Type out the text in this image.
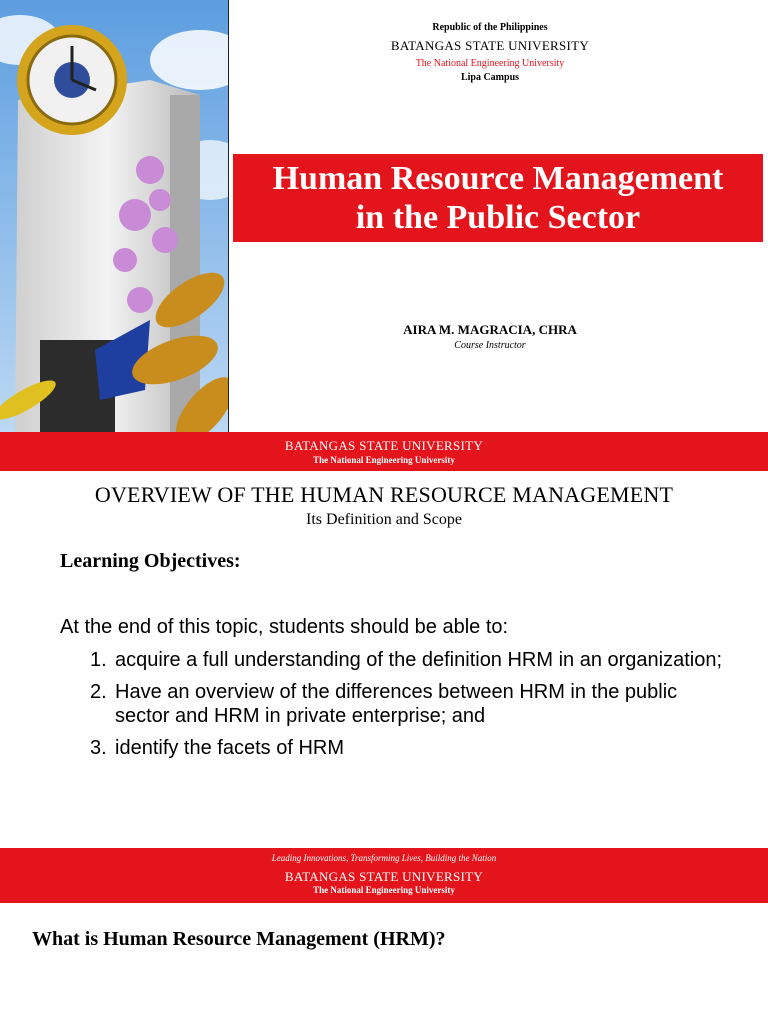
Republic of the Philippines
BATANGAS STATE UNIVERSITY
The National Engineering University
Lipa Campus
Human Resource Management
in the Public Sector
AIRA M. MAGRACIA, CHRA
Course Instructor
BATANGAS STATE UNIVERSITY
The National Engineering University
OVERVIEW OF THE HUMAN RESOURCE MANAGEMENT
Its Definition and Scope
Learning Objectives:
At the end of this topic, students should be able to:
1. acquire a full understanding of the definition HRM in an organization;
2. Have an overview of the differences between HRM in the public sector and HRM in private enterprise; and
3. identify the facets of HRM
Leading Innovations, Transforming Lives, Building the Nation
BATANGAS STATE UNIVERSITY
The National Engineering University
What is Human Resource Management (HRM)?
